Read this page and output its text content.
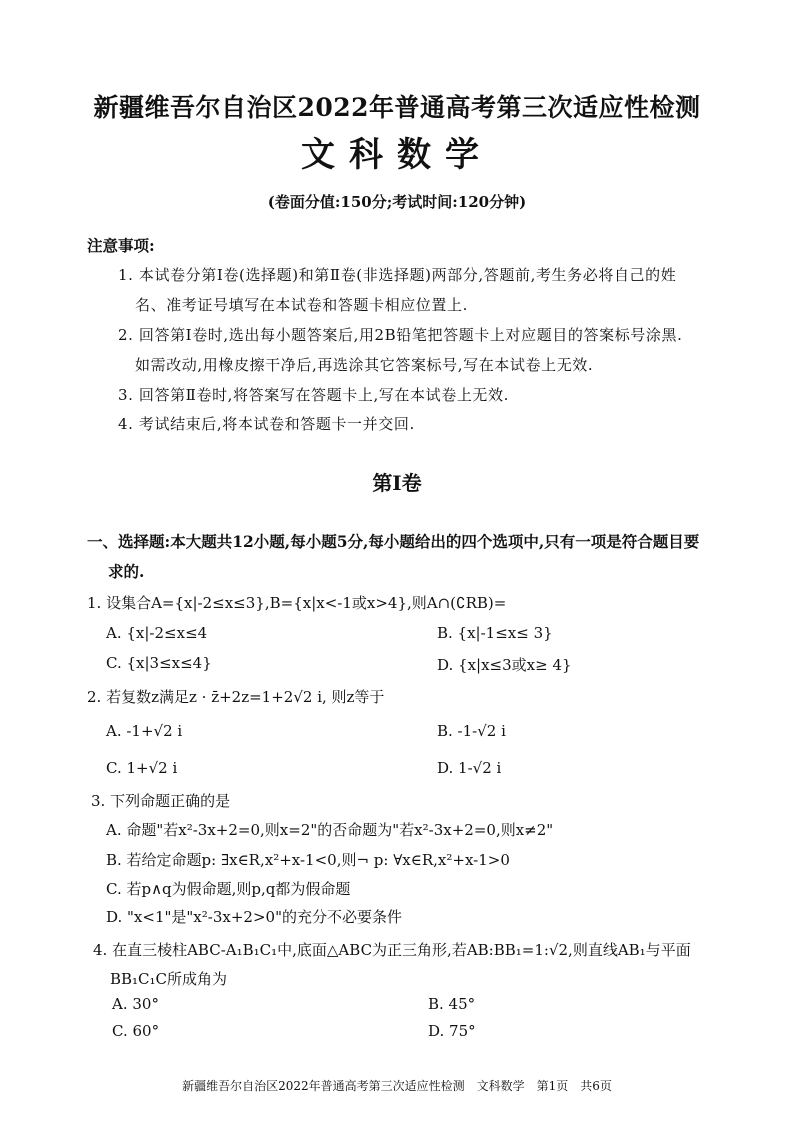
新疆维吾尔自治区2022年普通高考第三次适应性检测
文科数学
(卷面分值:150分;考试时间:120分钟)
注意事项:
1. 本试卷分第Ⅰ卷(选择题)和第Ⅱ卷(非选择题)两部分,答题前,考生务必将自己的姓
名、准考证号填写在本试卷和答题卡相应位置上.
2. 回答第Ⅰ卷时,选出每小题答案后,用2B铅笔把答题卡上对应题目的答案标号涂黑.
如需改动,用橡皮擦干净后,再选涂其它答案标号,写在本试卷上无效.
3. 回答第Ⅱ卷时,将答案写在答题卡上,写在本试卷上无效.
4. 考试结束后,将本试卷和答题卡一并交回.
第Ⅰ卷
一、选择题:本大题共12小题,每小题5分,每小题给出的四个选项中,只有一项是符合题目要
求的.
1. 设集合A={x|-2≤x≤3},B={x|x<-1或x>4},则A∩(∁RB)=
A. {x|-2≤x≤4	B. {x|-1≤x≤ 3}
C. {x|3≤x≤4}	D. {x|x≤3或x≥ 4}
2. 若复数z满足z · z̄+2z=1+2√2 i, 则z等于
A. -1+√2 i	B. -1-√2 i
C. 1+√2 i	D. 1-√2 i
3. 下列命题正确的是
A. 命题"若x²-3x+2=0,则x=2"的否命题为"若x²-3x+2=0,则x≠2"
B. 若给定命题p: ∃x∈R,x²+x-1<0,则¬ p: ∀x∈R,x²+x-1>0
C. 若p∧q为假命题,则p,q都为假命题
D. "x<1"是"x²-3x+2>0"的充分不必要条件
4. 在直三棱柱ABC-A₁B₁C₁中,底面△ABC为正三角形,若AB:BB₁=1:√2,则直线AB₁与平面
BB₁C₁C所成角为
A. 30°	B. 45°
C. 60°	D. 75°
新疆维吾尔自治区2022年普通高考第三次适应性检测　文科数学　第1页　共6页
